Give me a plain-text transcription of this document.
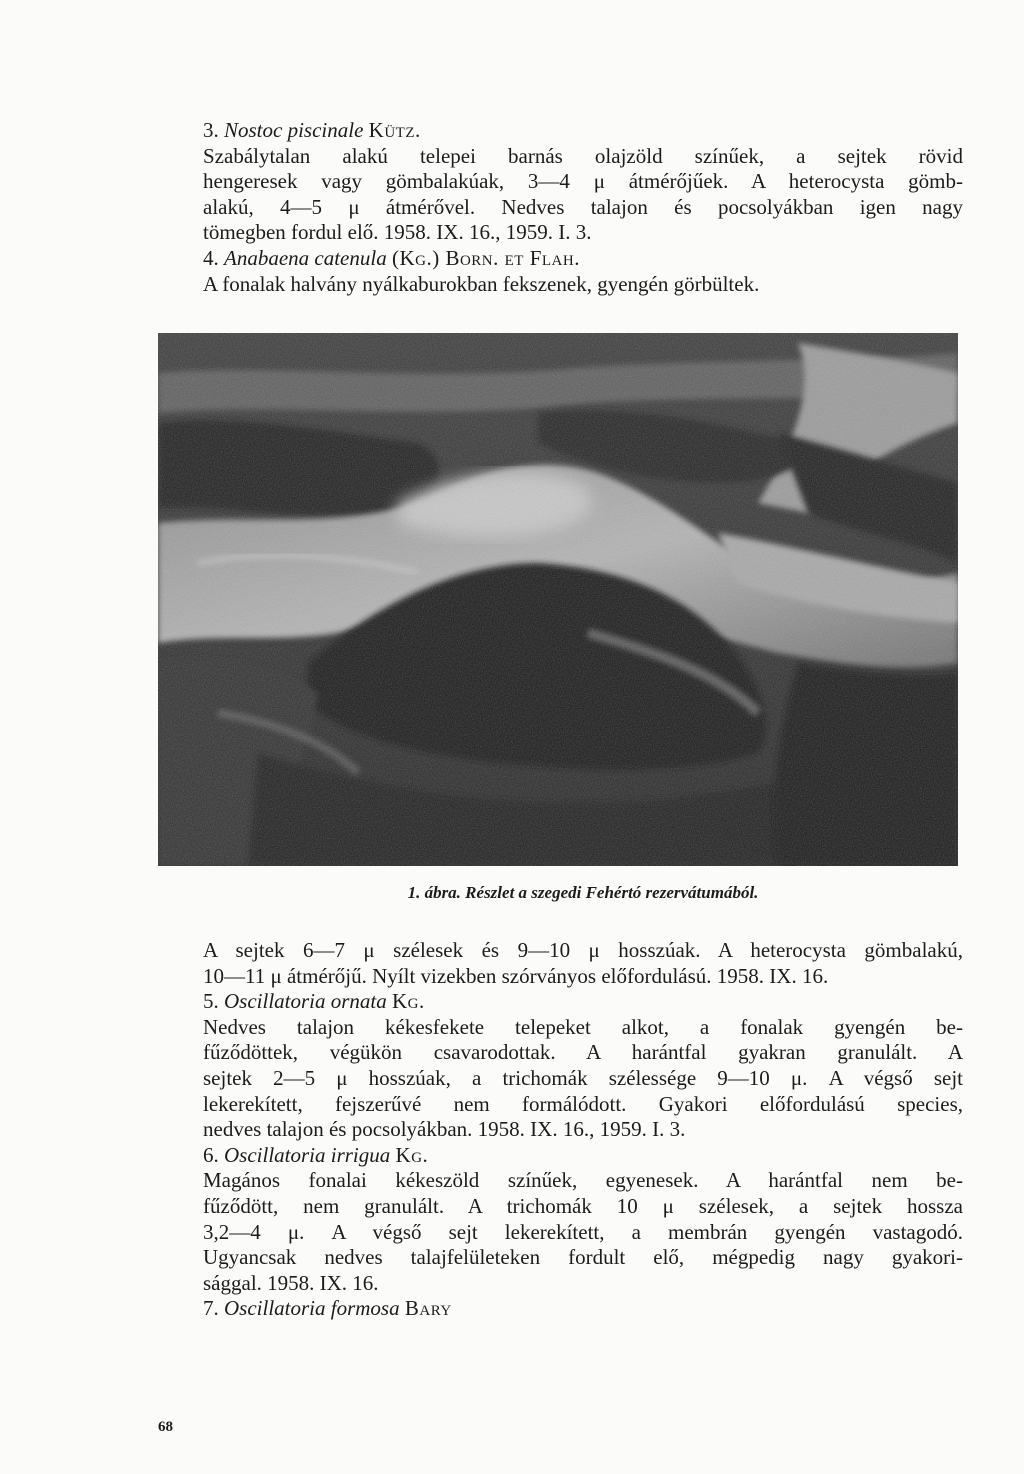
3. Nostoc piscinale Kütz.

Szabálytalan alakú telepei barnás olajzöld színűek, a sejtek rövid
hengeresek vagy gömbalakúak, 3—4 μ átmérőjűek. A heterocysta gömb-
alakú, 4—5 μ átmérővel. Nedves talajon és pocsolyákban igen nagy
tömegben fordul elő. 1958. IX. 16., 1959. I. 3.

4. Anabaena catenula (Kg.) Born. et Flah.

A fonalak halvány nyálkaburokban fekszenek, gyengén görbültek.

1. ábra. Részlet a szegedi Fehértó rezervátumából.

A sejtek 6—7 μ szélesek és 9—10 μ hosszúak. A heterocysta gömbalakú,
10—11 μ átmérőjű. Nyílt vizekben szórványos előfordulású. 1958. IX. 16.

5. Oscillatoria ornata Kg.

Nedves talajon kékesfekete telepeket alkot, a fonalak gyengén be-
fűződöttek, végükön csavarodottak. A harántfal gyakran granulált. A
sejtek 2—5 μ hosszúak, a trichomák szélessége 9—10 μ. A végső sejt
lekerekített, fejszerűvé nem formálódott. Gyakori előfordulású species,
nedves talajon és pocsolyákban. 1958. IX. 16., 1959. I. 3.

6. Oscillatoria irrigua Kg.

Magános fonalai kékeszöld színűek, egyenesek. A harántfal nem be-
fűződött, nem granulált. A trichomák 10 μ szélesek, a sejtek hossza
3,2—4 μ. A végső sejt lekerekített, a membrán gyengén vastagodó.
Ugyancsak nedves talajfelületeken fordult elő, mégpedig nagy gyakori-
sággal. 1958. IX. 16.

7. Oscillatoria formosa Bary

68
